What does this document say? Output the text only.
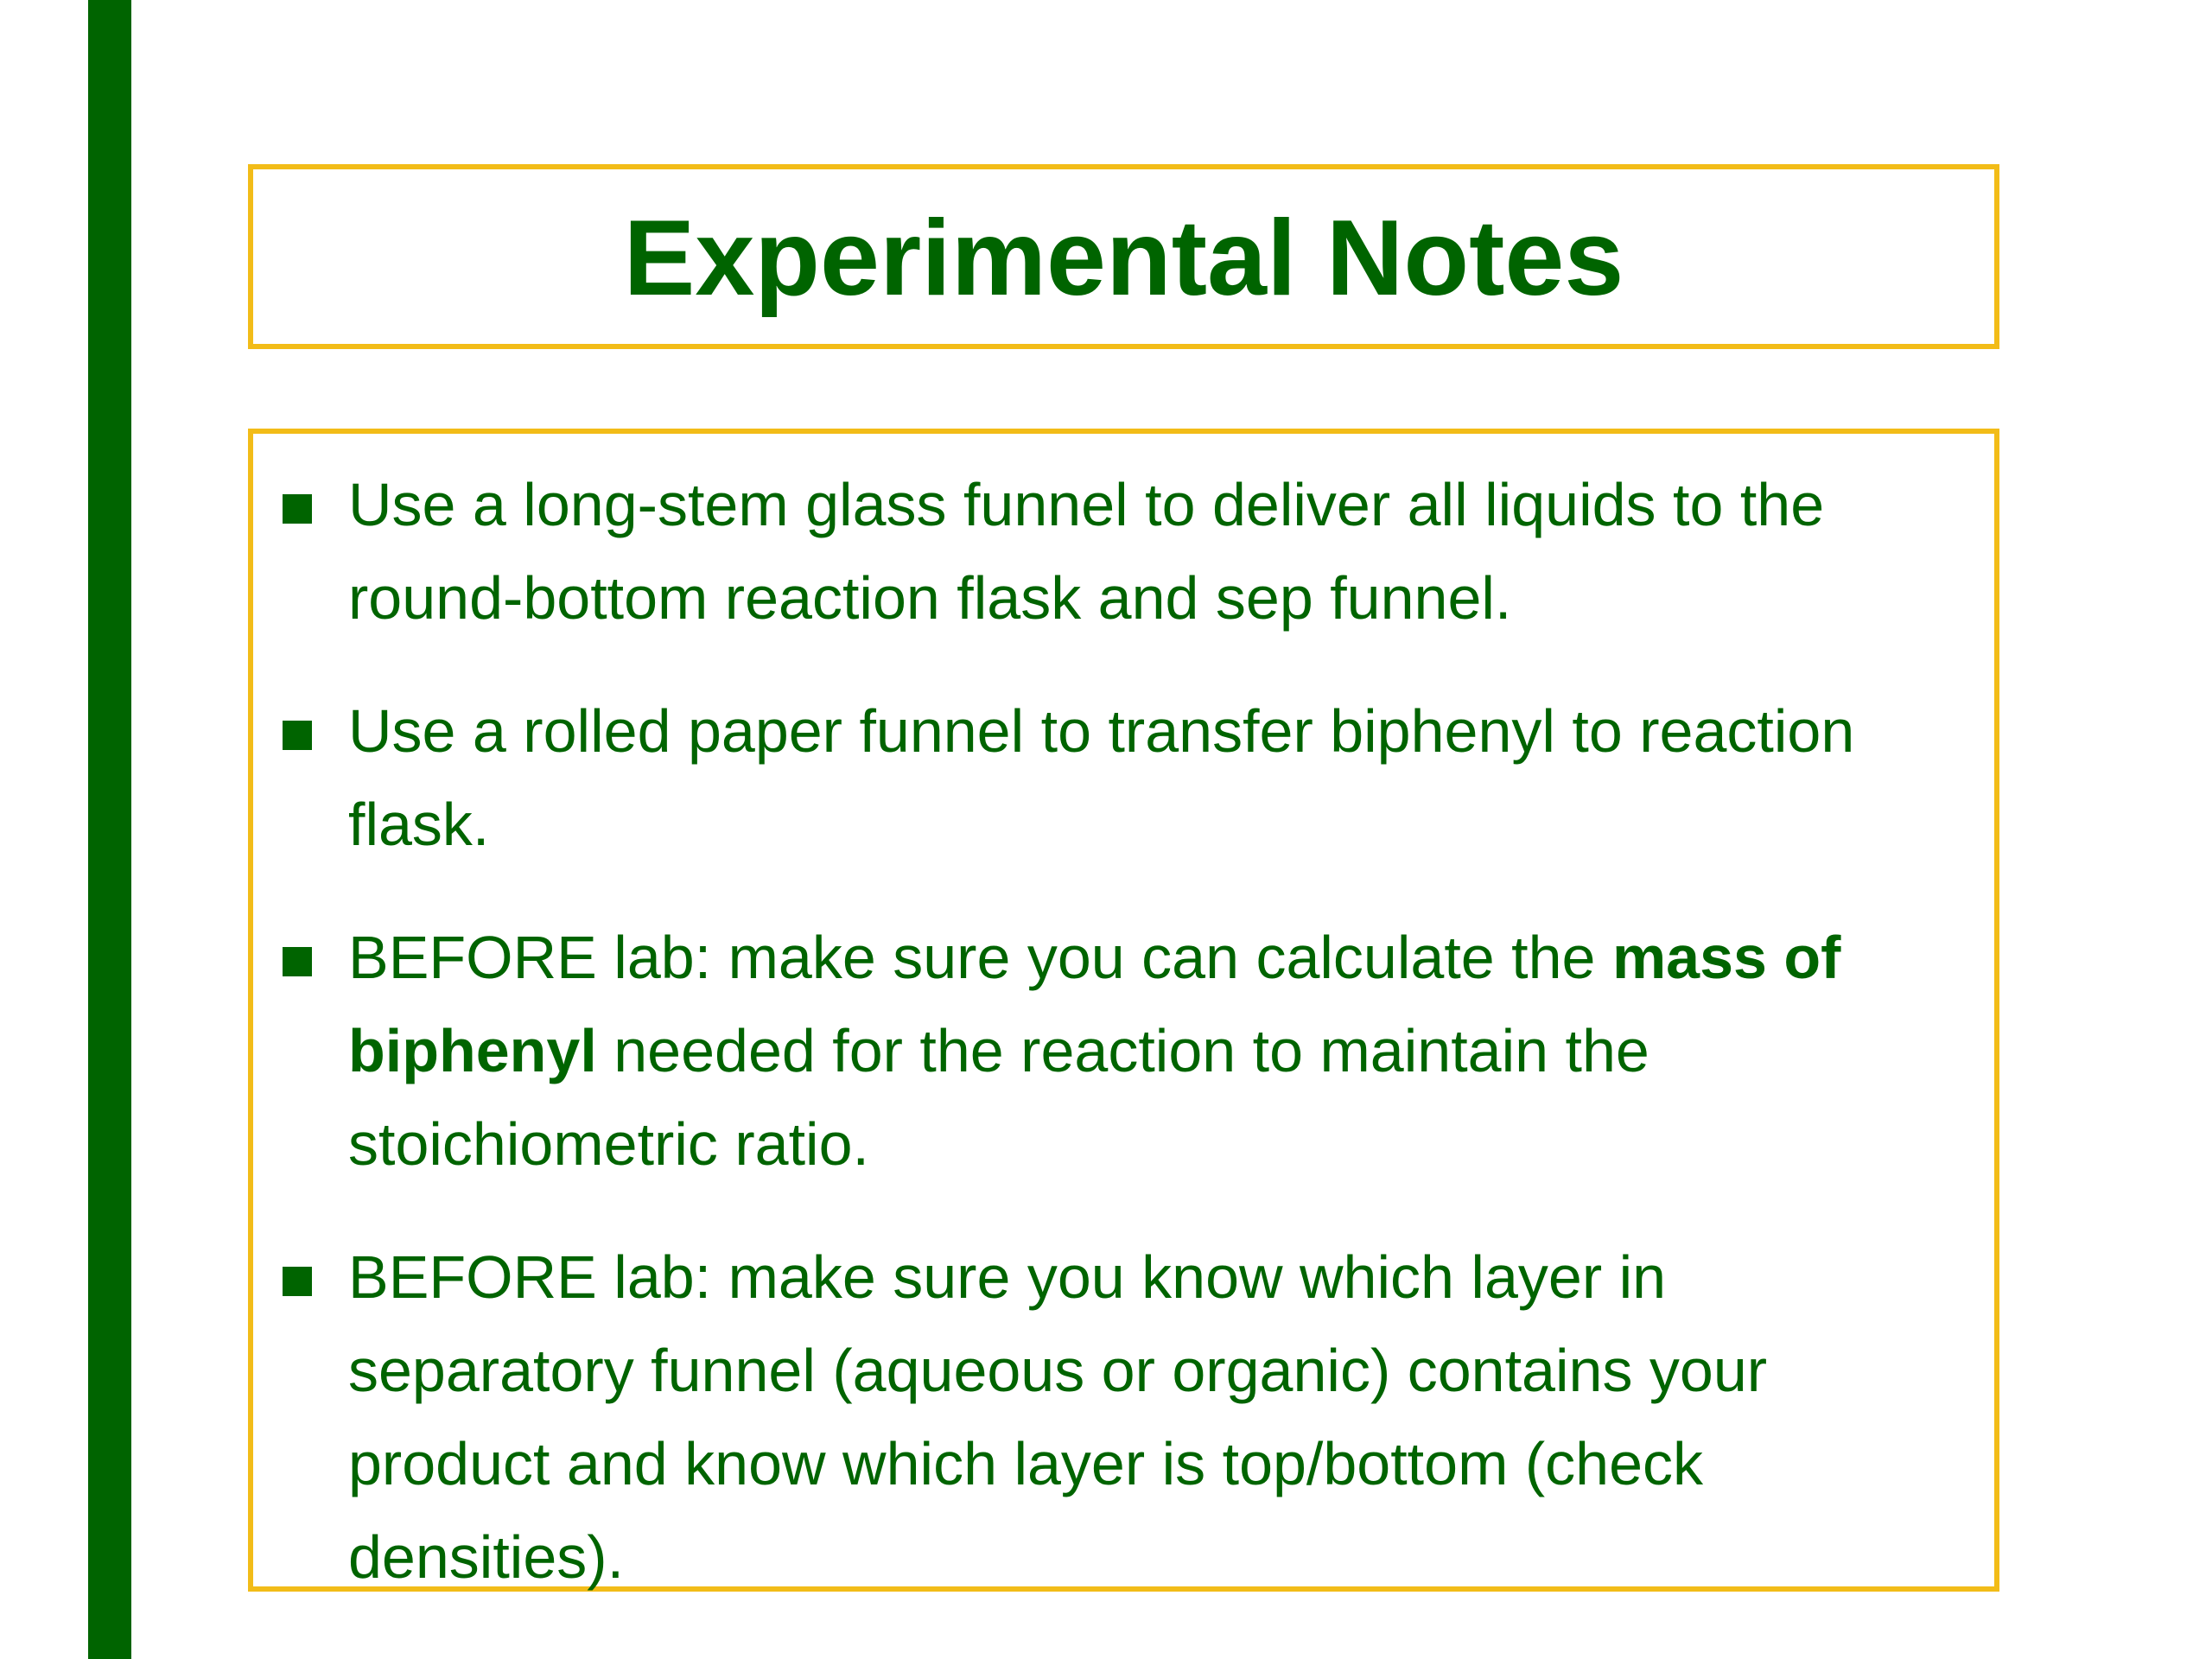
Experimental Notes
Use a long-stem glass funnel to deliver all liquids to the round-bottom reaction flask and sep funnel.
Use a rolled paper funnel to transfer biphenyl to reaction flask.
BEFORE lab: make sure you can calculate the mass of biphenyl needed for the reaction to maintain the stoichiometric ratio.
BEFORE lab: make sure you know which layer in separatory funnel (aqueous or organic) contains your product and know which layer is top/bottom (check densities).
